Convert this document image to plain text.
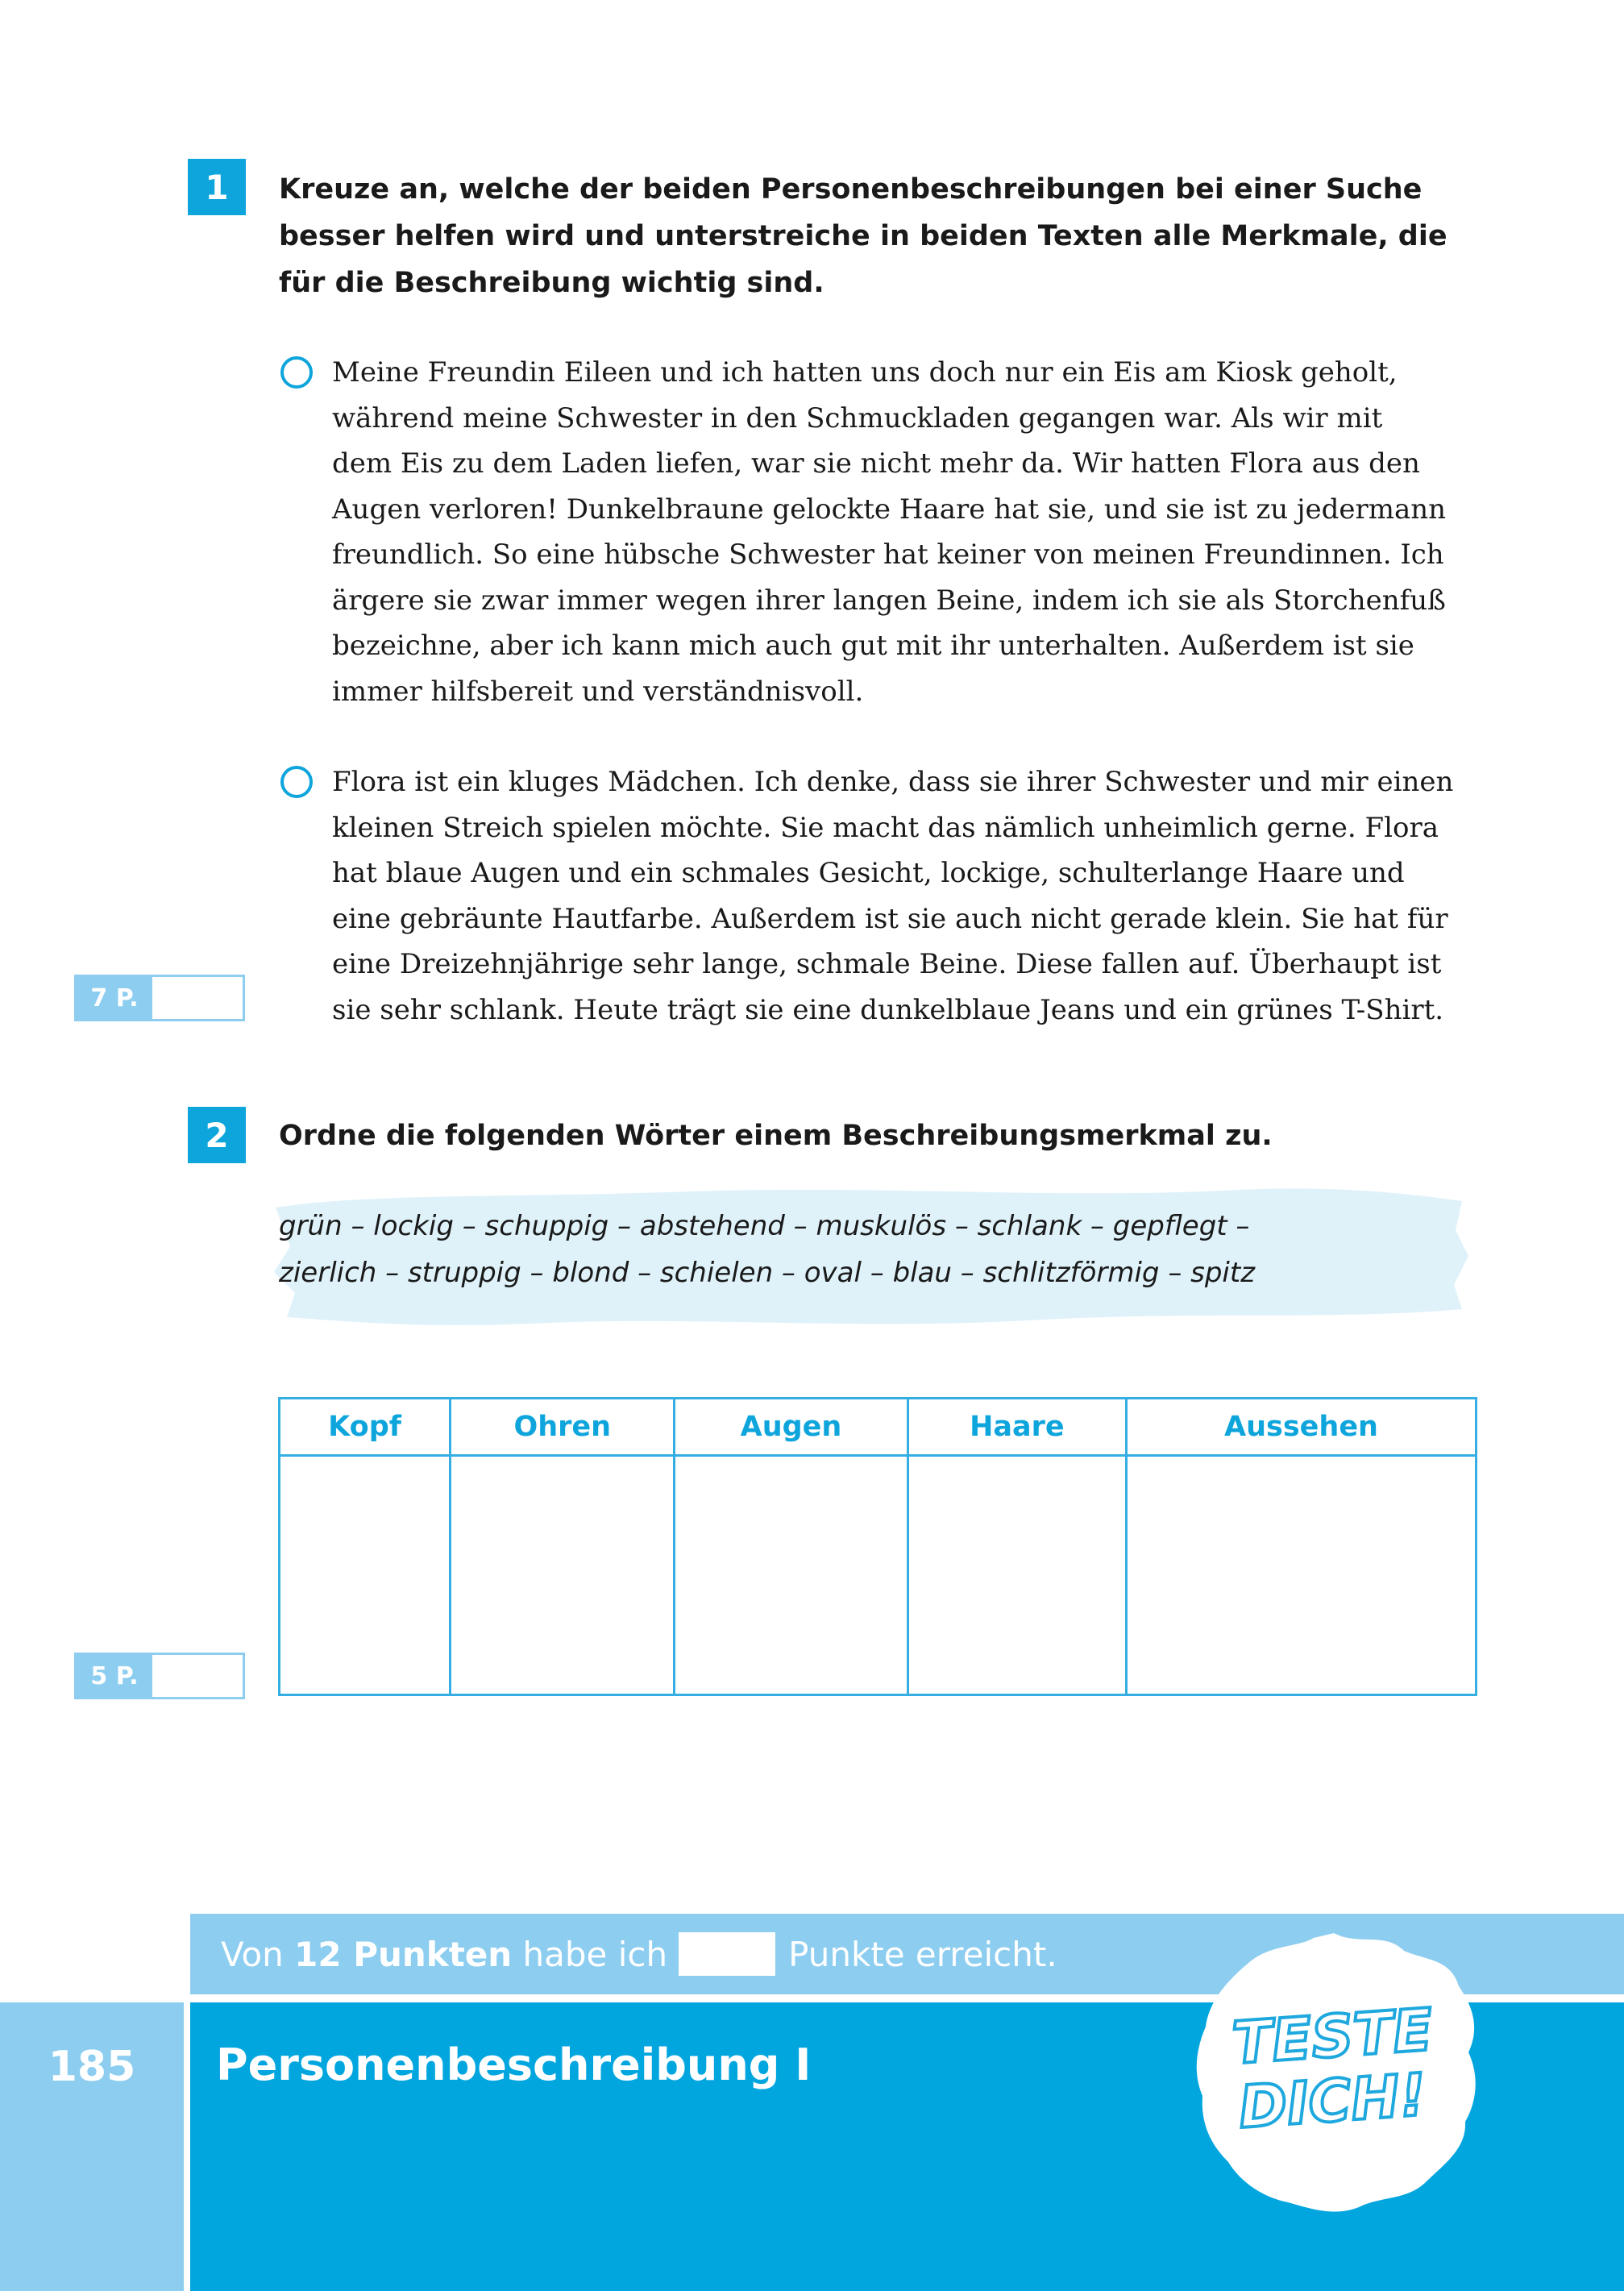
1 Kreuze an, welche der beiden Personenbeschreibungen bei einer Suche

besser helfen wird und unterstreiche in beiden Texten alle Merkmale, die

für die Beschreibung wichtig sind.

Meine Freundin Eileen und ich hatten uns doch nur ein Eis am Kiosk geholt,

während meine Schwester in den Schmuckladen gegangen war. Als wir mit

dem Eis zu dem Laden liefen, war sie nicht mehr da. Wir hatten Flora aus den

Augen verloren! Dunkelbraune gelockte Haare hat sie, und sie ist zu jedermann

freundlich. So eine hübsche Schwester hat keiner von meinen Freundinnen. Ich

ärgere sie zwar immer wegen ihrer langen Beine, indem ich sie als Storchenfuß

bezeichne, aber ich kann mich auch gut mit ihr unterhalten. Außerdem ist sie

immer hilfsbereit und verständnisvoll.

Flora ist ein kluges Mädchen. Ich denke, dass sie ihrer Schwester und mir einen

kleinen Streich spielen möchte. Sie macht das nämlich unheimlich gerne. Flora

hat blaue Augen und ein schmales Gesicht, lockige, schulterlange Haare und

eine gebräunte Hautfarbe. Außerdem ist sie auch nicht gerade klein. Sie hat für

eine Dreizehnjährige sehr lange, schmale Beine. Diese fallen auf. Überhaupt ist

sie sehr schlank. Heute trägt sie eine dunkelblaue Jeans und ein grünes T-Shirt.

7 P.
2 Ordne die folgenden Wörter einem Beschreibungsmerkmal zu.

grün – lockig – schuppig – abstehend – muskulös – schlank – gepflegt –

zierlich – struppig – blond – schielen – oval – blau – schlitzförmig – spitz

Kopf	Ohren	Augen	Haare	Aussehen

5 P.
Von 12 Punkten habe ich	Punkte erreicht.
185	Personenbeschreibung I	TESTE
DICH!
